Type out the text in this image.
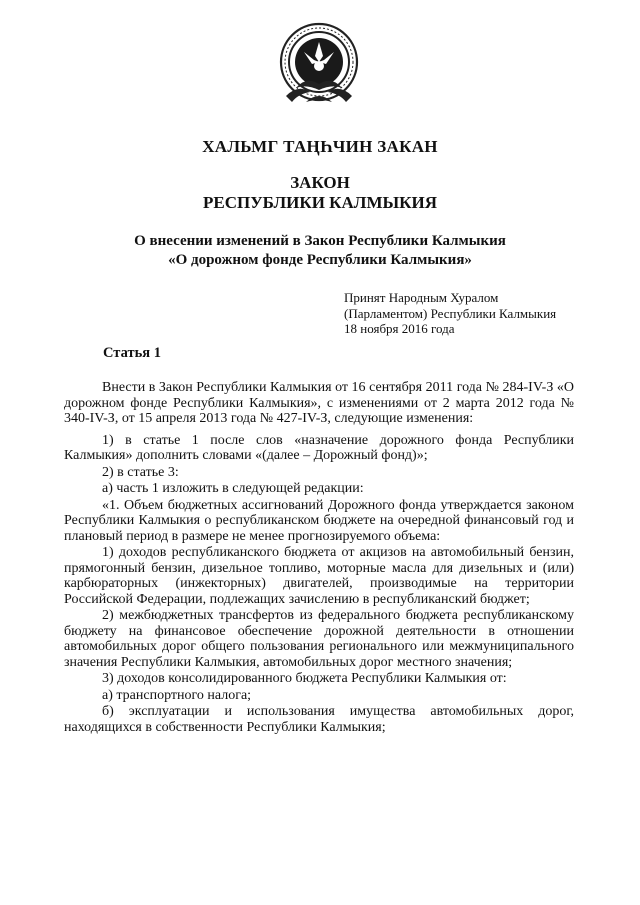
ХАЛЬМГ ТАҢҺЧИН ЗАКАН
ЗАКОН
РЕСПУБЛИКИ КАЛМЫКИЯ
О внесении изменений в Закон Республики Калмыкия
«О дорожном фонде Республики Калмыкия»
Принят Народным Хуралом
(Парламентом) Республики Калмыкия
18 ноября 2016 года
Статья 1

Внести в Закон Республики Калмыкия от 16 сентября 2011 года № 284-IV-З «О дорожном фонде Республики Калмыкия», с изменениями от 2 марта 2012 года № 340-IV-З, от 15 апреля 2013 года № 427-IV-З, следующие изменения:

1) в статье 1 после слов «назначение дорожного фонда Республики Калмыкия» дополнить словами «(далее – Дорожный фонд)»;

2) в статье 3:

а) часть 1 изложить в следующей редакции:

«1. Объем бюджетных ассигнований Дорожного фонда утверждается законом Республики Калмыкия о республиканском бюджете на очередной финансовый год и плановый период в размере не менее прогнозируемого объема:

1) доходов республиканского бюджета от акцизов на автомобильный бензин, прямогонный бензин, дизельное топливо, моторные масла для дизельных и (или) карбюраторных (инжекторных) двигателей, производимые на территории Российской Федерации, подлежащих зачислению в республиканский бюджет;

2) межбюджетных трансфертов из федерального бюджета республиканскому бюджету на финансовое обеспечение дорожной деятельности в отношении автомобильных дорог общего пользования регионального или межмуниципального значения Республики Калмыкия, автомобильных дорог местного значения;

3) доходов консолидированного бюджета Республики Калмыкия от:

а) транспортного налога;

б) эксплуатации и использования имущества автомобильных дорог, находящихся в собственности Республики Калмыкия;
